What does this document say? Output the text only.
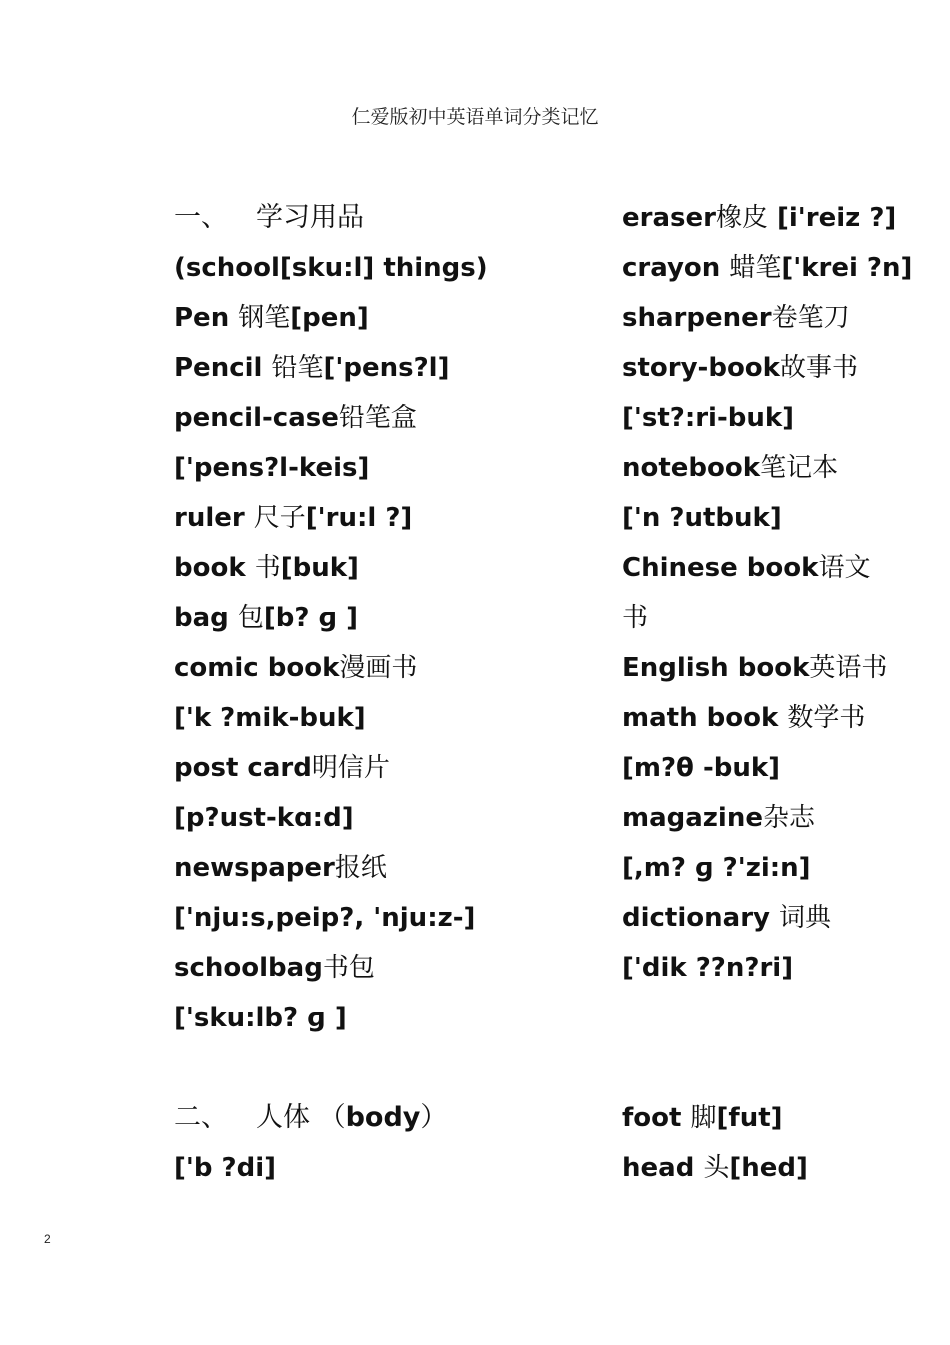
仁爱版初中英语单词分类记忆
一、 学习用品
(school[sku:l] things)
Pen 钢笔[pen]
Pencil 铅笔['pens?l]
pencil-case铅笔盒
['pens?l-keis]
ruler 尺子['ru:l ?]
book 书[buk]
bag 包[b? ɡ ]
comic book漫画书
['k ?mik-buk]
post card明信片
[p?ust-kɑ:d]
newspaper报纸
['nju:s,peip?, 'nju:z-]
schoolbag书包
['sku:lb? ɡ ]
二、 人体 （body）
['b ?di]
eraser橡皮 [i'reiz ?]
crayon 蜡笔['krei ?n]
sharpener卷笔刀
story-book故事书
['st?:ri-buk]
notebook笔记本
['n ?utbuk]
Chinese book语文
书
English book英语书
math book 数学书
[m?θ -buk]
magazine杂志
[,m? ɡ ?'zi:n]
dictionary 词典
['dik ??n?ri]
foot 脚[fut]
head 头[hed]
2
